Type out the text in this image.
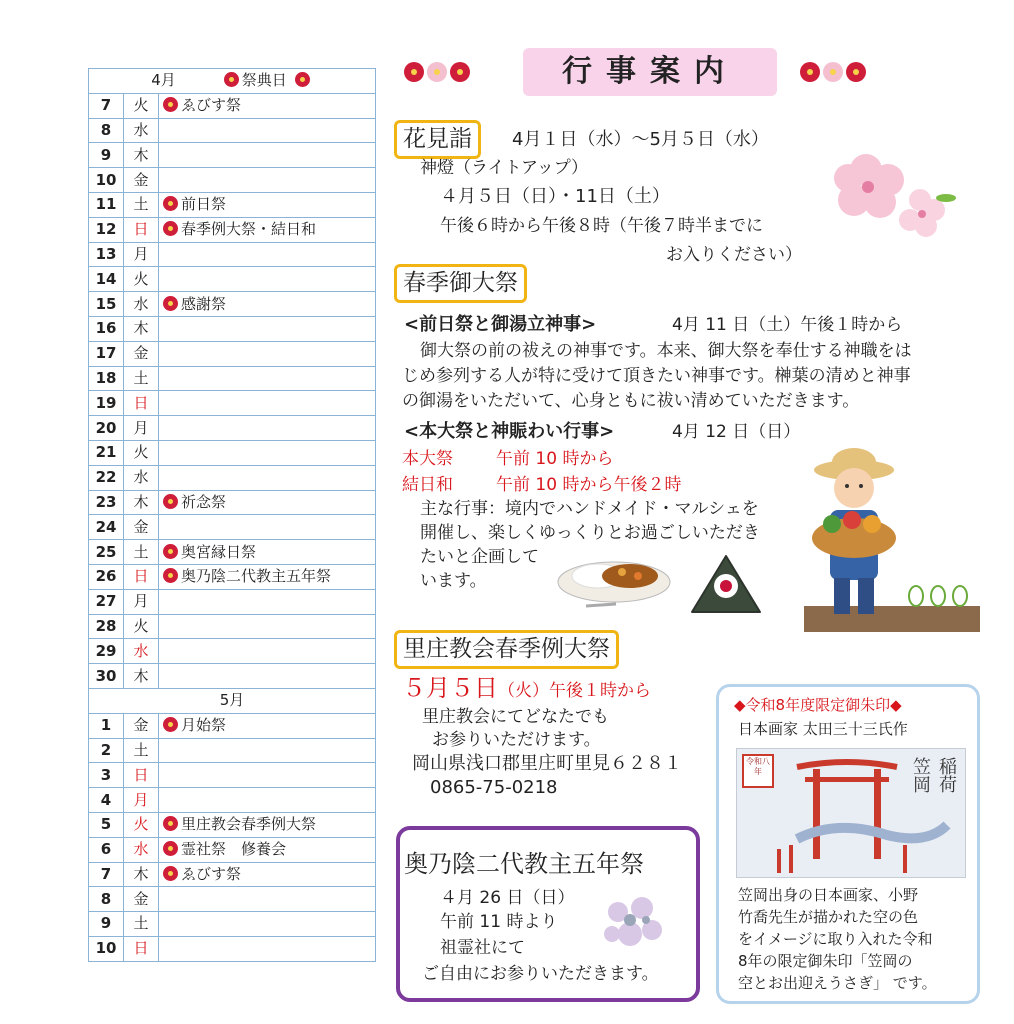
4月 祭典日		
7	火	ゑびす祭
8	水	
9	木	
10	金	
11	土	前日祭
12	日	春季例大祭・結日和
13	月	
14	火	
15	水	感謝祭
16	木	
17	金	
18	土	
19	日	
20	月	
21	火	
22	水	
23	木	祈念祭
24	金	
25	土	奥宮縁日祭
26	日	奥乃陰二代教主五年祭
27	月	
28	火	
29	水	
30	木	
5月		
1	金	月始祭
2	土	
3	日	
4	月	
5	火	里庄教会春季例大祭
6	水	霊社祭　修養会
7	木	ゑびす祭
8	金	
9	土	
10	日	
行事案内
花見詣	4月１日（水）～5月５日（水）
神燈（ライトアップ）
４月５日（日）・11日（土）
午後６時から午後８時（午後７時半までに
お入りください）
春季御大祭
<前日祭と御湯立神事>	4月 11 日（土）午後１時から
御大祭の前の祓えの神事です。本来、御大祭を奉仕する神職をは
じめ参列する人が特に受けて頂きたい神事です。榊葉の清めと神事
の御湯をいただいて、心身ともに祓い清めていただきます。
<本大祭と神賑わい行事>	4月 12 日（日）
本大祭	午前 10 時から
結日和	午前 10 時から午後２時
主な行事：境内でハンドメイド・マルシェを
開催し、楽しくゆっくりとお過ごしいただき
たいと企画して
います。
里庄教会春季例大祭
５月５日（火）午後１時から
里庄教会にてどなたでも
お参りいただけます。
岡山県浅口郡里庄町里見６２８１
0865-75-0218
奥乃陰二代教主五年祭
４月 26 日（日）
午前 11 時より
祖霊社にて
ご自由にお参りいただきます。
◆令和8年度限定御朱印◆
日本画家 太田三十三氏作
令和八年	笠岡 稲荷
笠岡出身の日本画家、小野
竹喬先生が描かれた空の色
をイメージに取り入れた令和
8年の限定御朱印「笠岡の
空とお出迎えうさぎ」 です。
